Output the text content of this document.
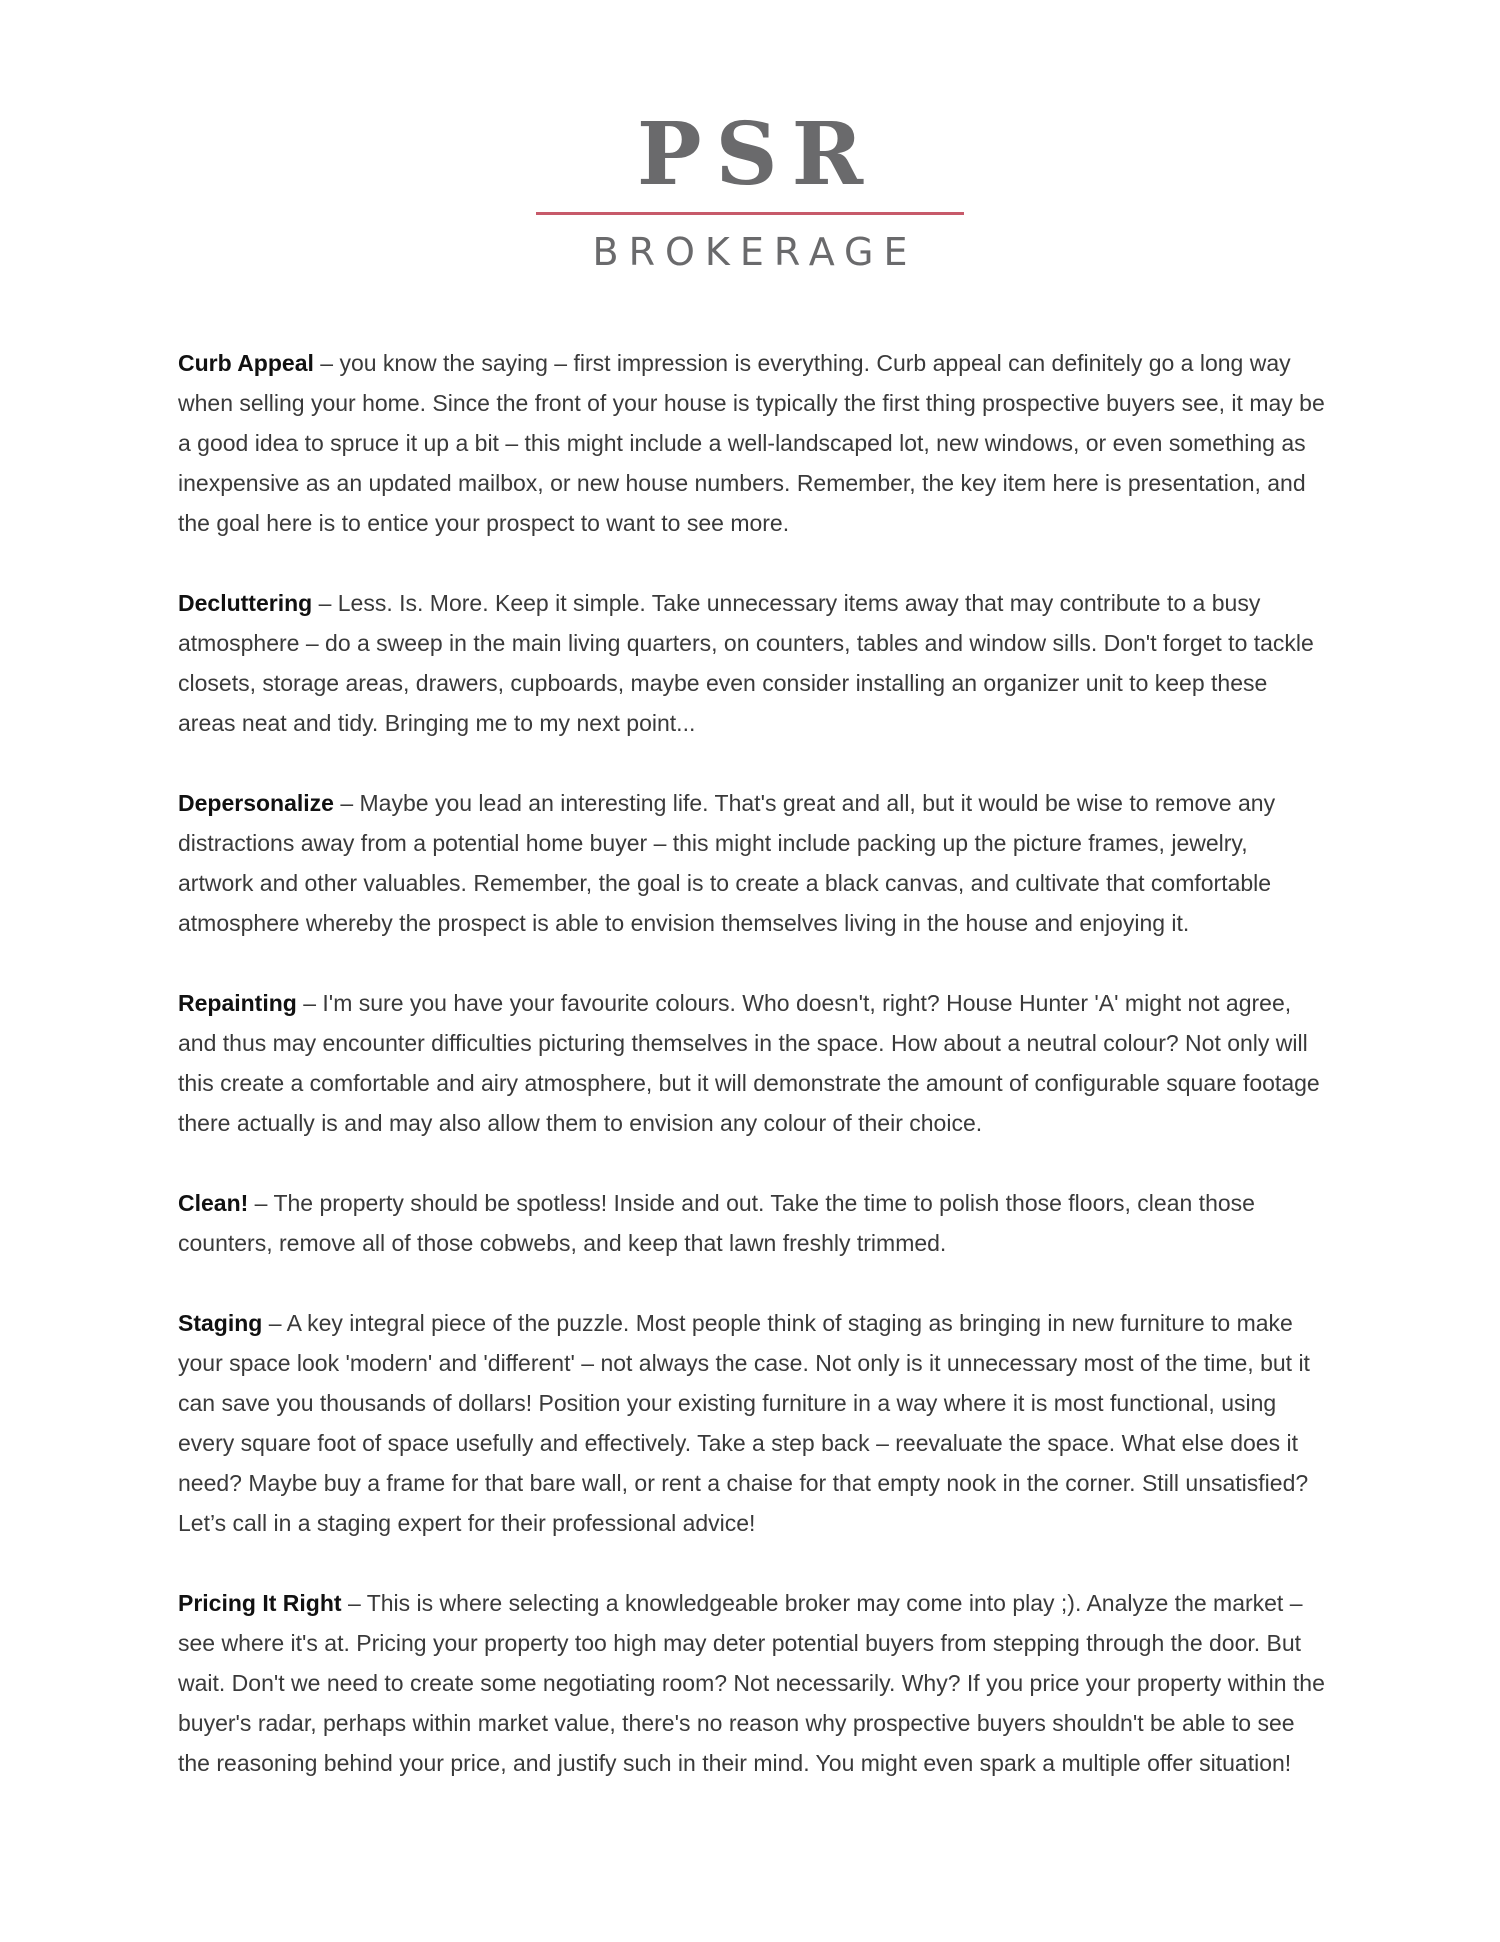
PSR
BROKERAGE

Curb Appeal – you know the saying – first impression is everything. Curb appeal can definitely go a long way when selling your home. Since the front of your house is typically the first thing prospective buyers see, it may be a good idea to spruce it up a bit – this might include a well-landscaped lot, new windows, or even something as inexpensive as an updated mailbox, or new house numbers. Remember, the key item here is presentation, and the goal here is to entice your prospect to want to see more.

Decluttering – Less. Is. More. Keep it simple. Take unnecessary items away that may contribute to a busy atmosphere – do a sweep in the main living quarters, on counters, tables and window sills. Don't forget to tackle closets, storage areas, drawers, cupboards, maybe even consider installing an organizer unit to keep these areas neat and tidy. Bringing me to my next point...

Depersonalize – Maybe you lead an interesting life. That's great and all, but it would be wise to remove any distractions away from a potential home buyer – this might include packing up the picture frames, jewelry, artwork and other valuables. Remember, the goal is to create a black canvas, and cultivate that comfortable atmosphere whereby the prospect is able to envision themselves living in the house and enjoying it.

Repainting – I'm sure you have your favourite colours. Who doesn't, right? House Hunter 'A' might not agree, and thus may encounter difficulties picturing themselves in the space. How about a neutral colour? Not only will this create a comfortable and airy atmosphere, but it will demonstrate the amount of configurable square footage there actually is and may also allow them to envision any colour of their choice.

Clean! – The property should be spotless! Inside and out. Take the time to polish those floors, clean those counters, remove all of those cobwebs, and keep that lawn freshly trimmed.

Staging – A key integral piece of the puzzle. Most people think of staging as bringing in new furniture to make your space look 'modern' and 'different' – not always the case. Not only is it unnecessary most of the time, but it can save you thousands of dollars! Position your existing furniture in a way where it is most functional, using every square foot of space usefully and effectively. Take a step back – reevaluate the space. What else does it need? Maybe buy a frame for that bare wall, or rent a chaise for that empty nook in the corner. Still unsatisfied? Let’s call in a staging expert for their professional advice!

Pricing It Right – This is where selecting a knowledgeable broker may come into play ;). Analyze the market – see where it's at. Pricing your property too high may deter potential buyers from stepping through the door. But wait. Don't we need to create some negotiating room? Not necessarily. Why? If you price your property within the buyer's radar, perhaps within market value, there's no reason why prospective buyers shouldn't be able to see the reasoning behind your price, and justify such in their mind. You might even spark a multiple offer situation!
